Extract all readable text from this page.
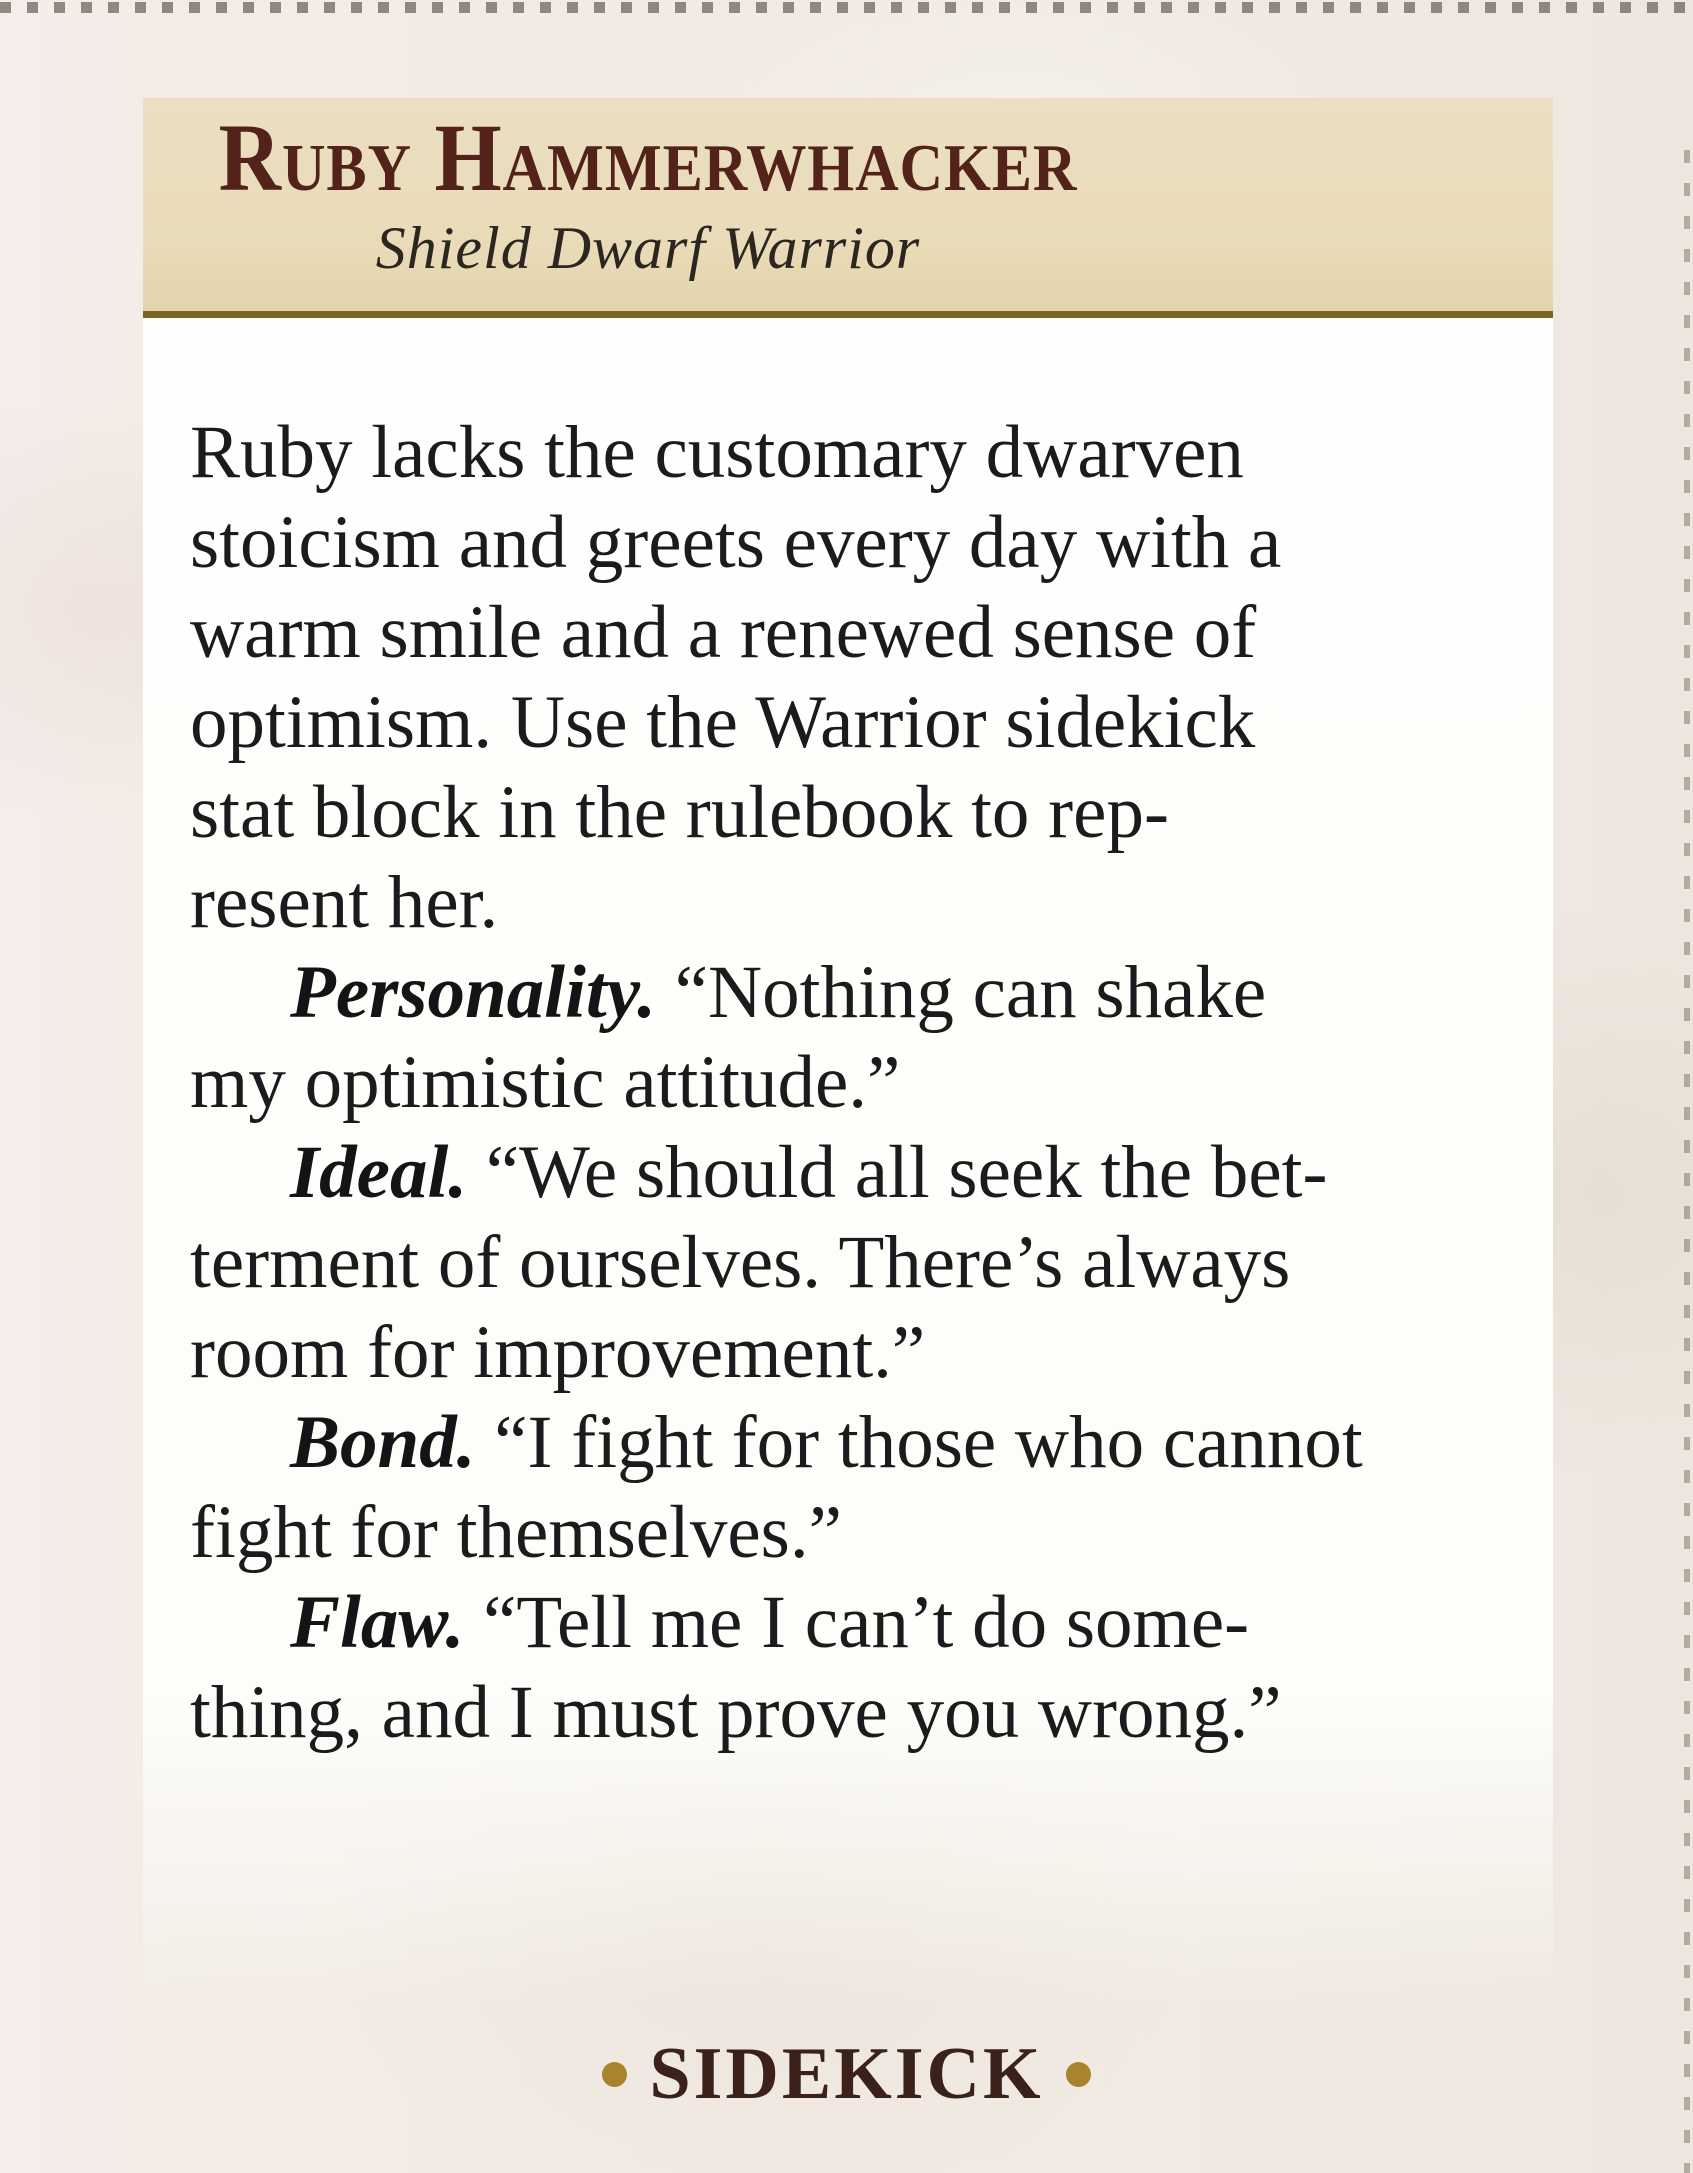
Ruby Hammerwhacker
Shield Dwarf Warrior
Ruby lacks the customary dwarven
stoicism and greets every day with a
warm smile and a renewed sense of
optimism. Use the Warrior sidekick
stat block in the rulebook to rep-
resent her.
Personality. “Nothing can shake
my optimistic attitude.”
Ideal. “We should all seek the bet-
terment of ourselves. There’s always
room for improvement.”
Bond. “I fight for those who cannot
fight for themselves.”
Flaw. “Tell me I can’t do some-
thing, and I must prove you wrong.”
SIDEKICK
